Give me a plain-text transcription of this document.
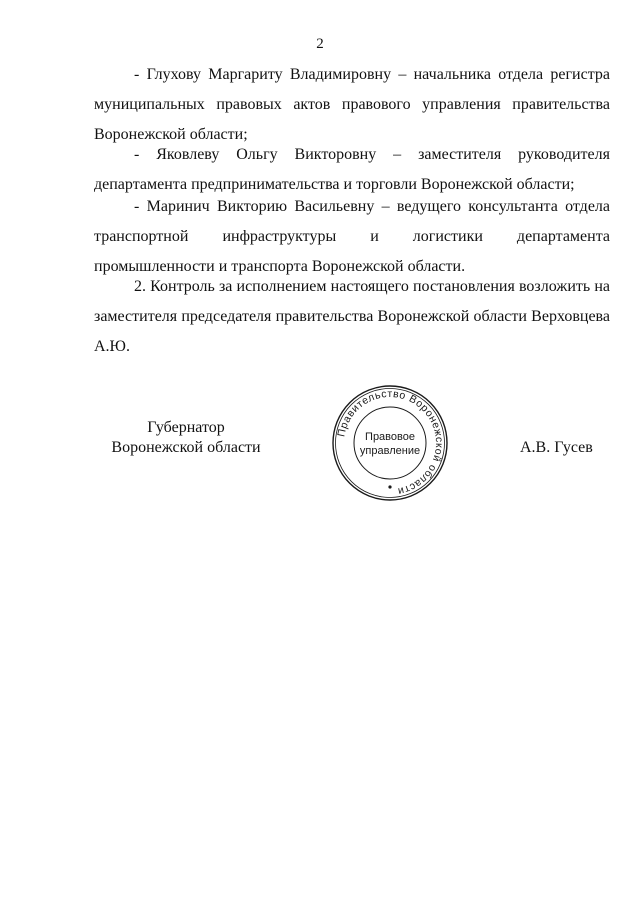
2
- Глухову Маргариту Владимировну – начальника отдела регистра муниципальных правовых актов правового управления правительства Воронежской области;
- Яковлеву Ольгу Викторовну – заместителя руководителя департамента предпринимательства и торговли Воронежской области;
- Маринич Викторию Васильевну – ведущего консультанта отдела транспортной инфраструктуры и логистики департамента промышленности и транспорта Воронежской области.
2. Контроль за исполнением настоящего постановления возложить на заместителя председателя правительства Воронежской области Верховцева А.Ю.
Губернатор
Воронежской области
Правительство Воронежской области
Правовое
управление	А.В. Гусев
